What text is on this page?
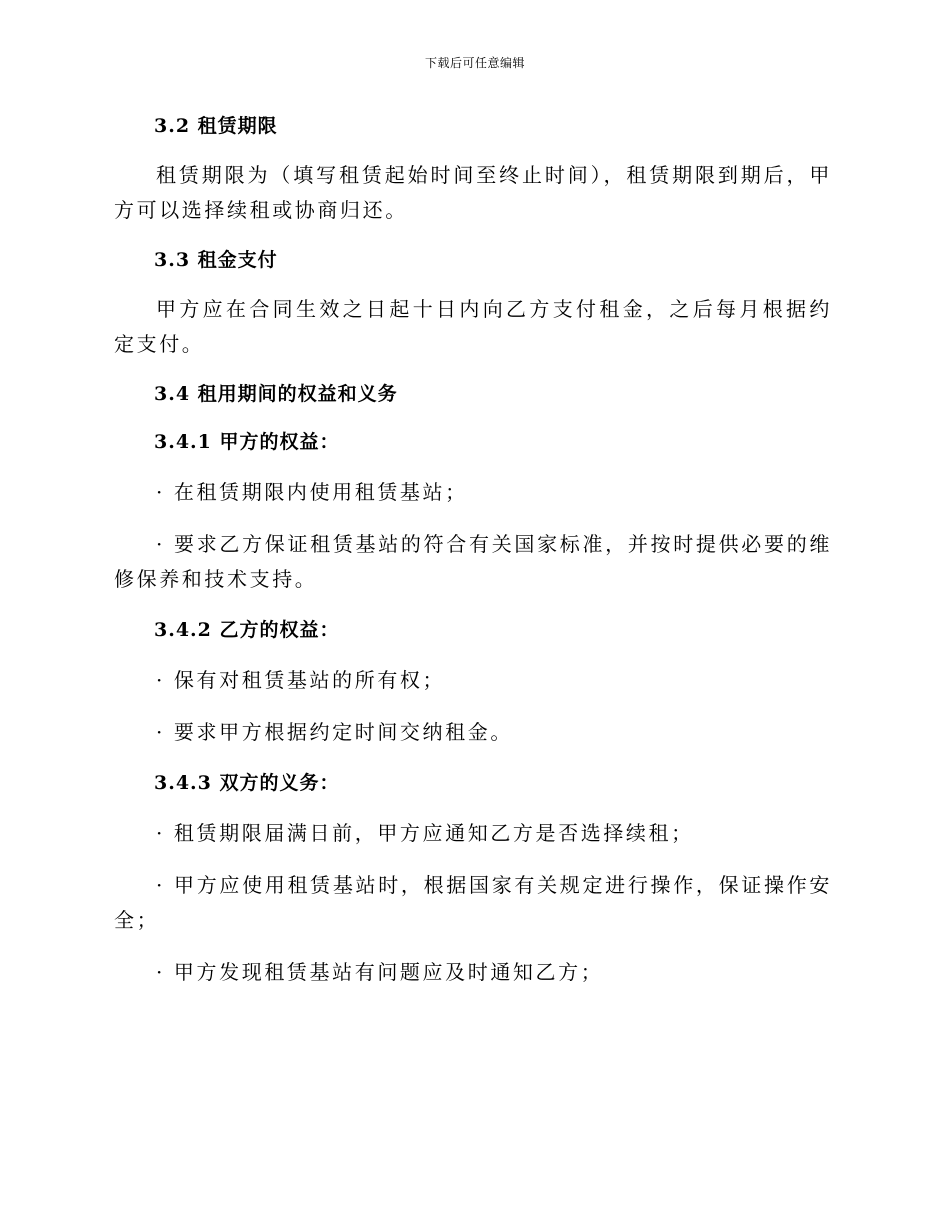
下载后可任意编辑

3.2 租赁期限

租赁期限为（填写租赁起始时间至终止时间），租赁期限到期后，甲方可以选择续租或协商归还。

3.3 租金支付

甲方应在合同生效之日起十日内向乙方支付租金，之后每月根据约定支付。

3.4 租用期间的权益和义务

3.4.1 甲方的权益：

· 在租赁期限内使用租赁基站；

· 要求乙方保证租赁基站的符合有关国家标准，并按时提供必要的维修保养和技术支持。

3.4.2 乙方的权益：

· 保有对租赁基站的所有权；

· 要求甲方根据约定时间交纳租金。

3.4.3 双方的义务：

· 租赁期限届满日前，甲方应通知乙方是否选择续租；

· 甲方应使用租赁基站时，根据国家有关规定进行操作，保证操作安全；

· 甲方发现租赁基站有问题应及时通知乙方；
